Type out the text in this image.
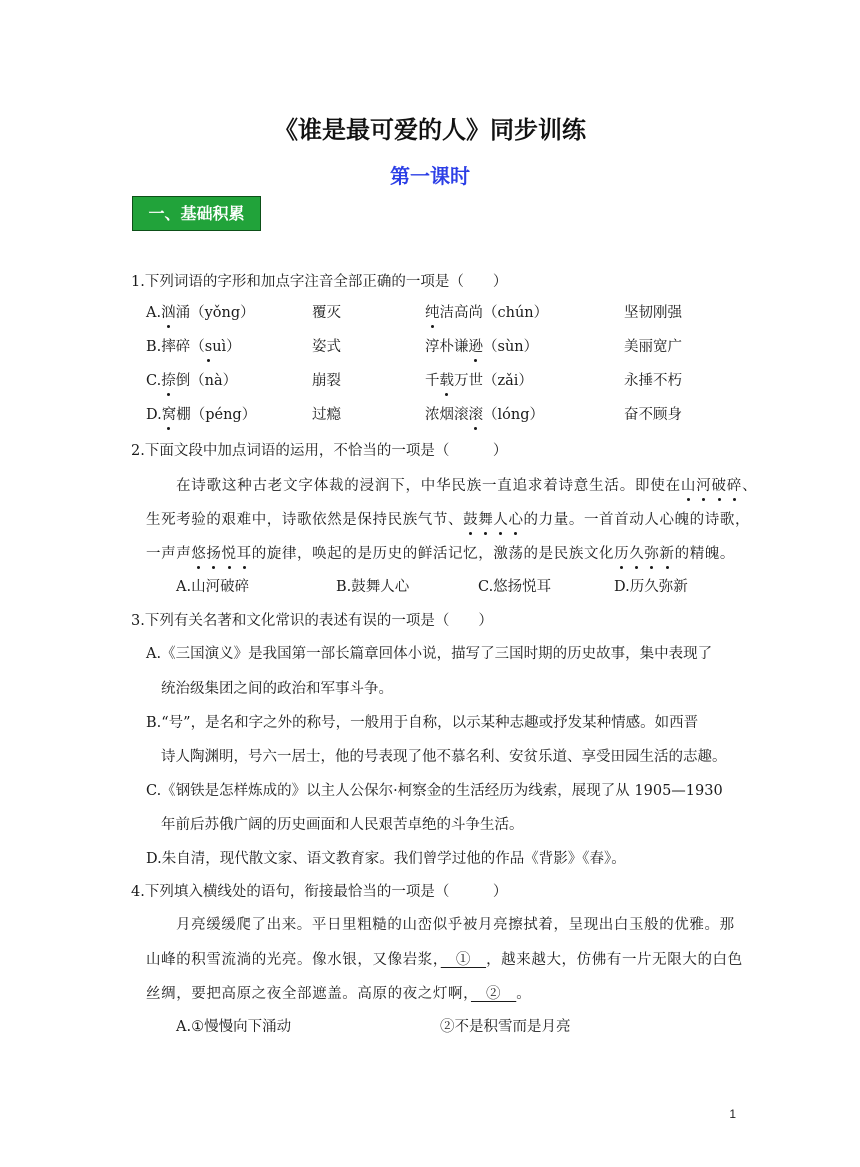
《谁是最可爱的人》同步训练
第一课时
一、基础积累
1.下列词语的字形和加点字注音全部正确的一项是（　　）
A.汹涌（yǒng）	覆灭	纯洁高尚（chún）	坚韧刚强
B.摔碎（suì）	姿式	淳朴谦逊（sùn）	美丽宽广
C.捺倒（nà）	崩裂	千载万世（zǎi）	永捶不朽
D.窝棚（péng）	过瘾	浓烟滚滚（lóng）	奋不顾身
2.下面文段中加点词语的运用，不恰当的一项是（　　　）
在诗歌这种古老文字体裁的浸润下，中华民族一直追求着诗意生活。即使在山河破碎、
生死考验的艰难中，诗歌依然是保持民族气节、鼓舞人心的力量。一首首动人心魄的诗歌，
一声声悠扬悦耳的旋律，唤起的是历史的鲜活记忆，激荡的是民族文化历久弥新的精魄。
A.山河破碎	B.鼓舞人心	C.悠扬悦耳	D.历久弥新
3.下列有关名著和文化常识的表述有误的一项是（　　）
A.《三国演义》是我国第一部长篇章回体小说，描写了三国时期的历史故事，集中表现了
统治级集团之间的政治和军事斗争。
B.“号”，是名和字之外的称号，一般用于自称，以示某种志趣或抒发某种情感。如西晋
诗人陶渊明，号六一居士，他的号表现了他不慕名利、安贫乐道、享受田园生活的志趣。
C.《钢铁是怎样炼成的》以主人公保尔·柯察金的生活经历为线索，展现了从 1905—1930
年前后苏俄广阔的历史画面和人民艰苦卓绝的斗争生活。
D.朱自清，现代散文家、语文教育家。我们曾学过他的作品《背影》《春》。
4.下列填入横线处的语句，衔接最恰当的一项是（　　　）
月亮缓缓爬了出来。平日里粗糙的山峦似乎被月亮擦拭着，呈现出白玉般的优雅。那
山峰的积雪流淌的光亮。像水银，又像岩浆，　①　，越来越大，仿佛有一片无限大的白色
丝绸，要把高原之夜全部遮盖。高原的夜之灯啊，　②　。
A.①慢慢向下涌动	②不是积雪而是月亮
1
